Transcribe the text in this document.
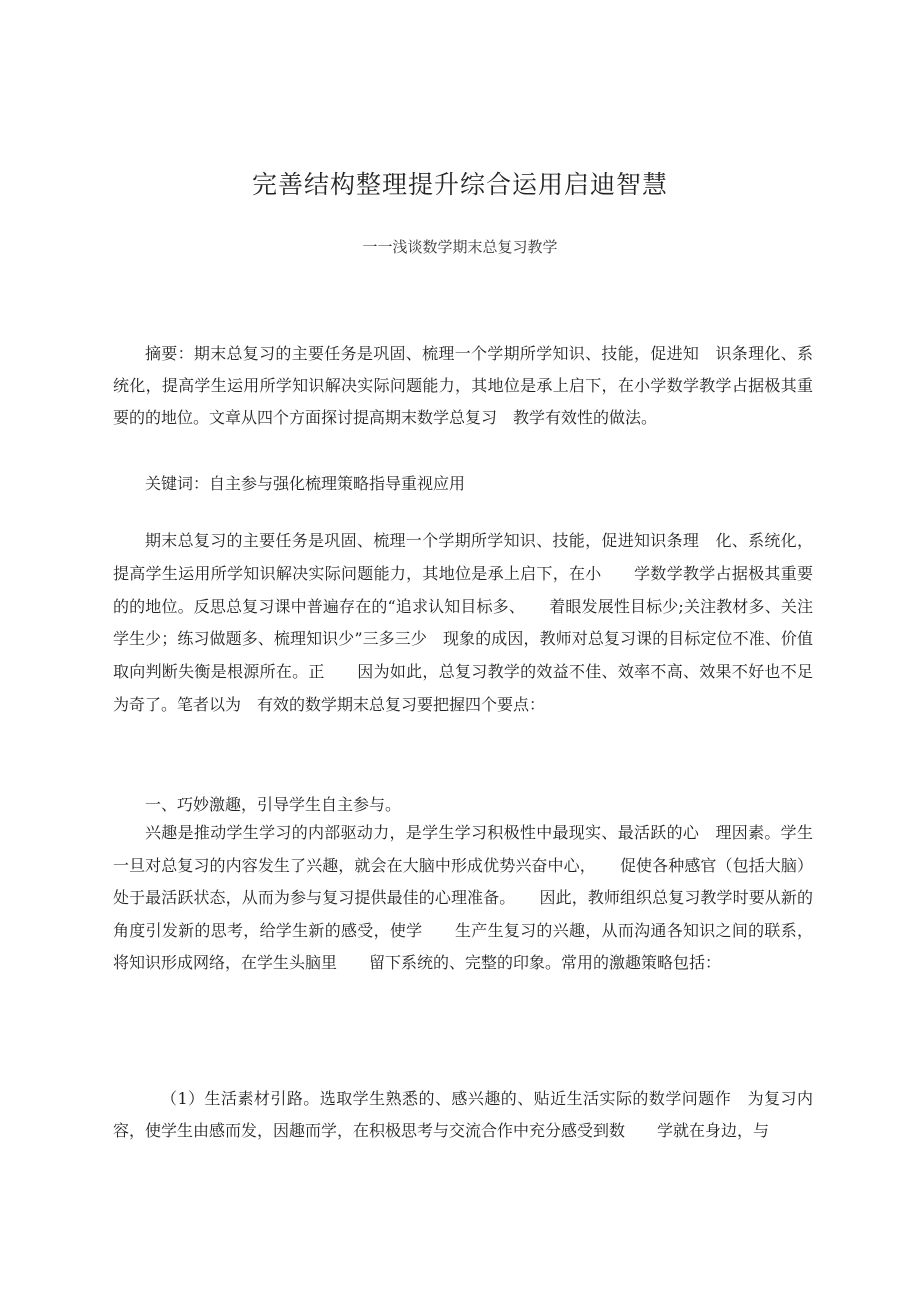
完善结构整理提升综合运用启迪智慧
一一浅谈数学期末总复习教学

摘要：期末总复习的主要任务是巩固、梳理一个学期所学知识、技能，促进知　识条理化、系统化，提高学生运用所学知识解决实际问题能力，其地位是承上启下，在小学数学教学占据极其重要的的地位。文章从四个方面探讨提高期末数学总复习　教学有效性的做法。

关键词：自主参与强化梳理策略指导重视应用

期末总复习的主要任务是巩固、梳理一个学期所学知识、技能，促进知识条理　化、系统化，提高学生运用所学知识解决实际问题能力，其地位是承上启下，在小　　学数学教学占据极其重要的的地位。反思总复习课中普遍存在的“追求认知目标多、　　着眼发展性目标少;关注教材多、关注学生少；练习做题多、梳理知识少”三多三少　现象的成因，教师对总复习课的目标定位不准、价值取向判断失衡是根源所在。正　　因为如此，总复习教学的效益不佳、效率不高、效果不好也不足为奇了。笔者以为　有效的数学期末总复习要把握四个要点：

一、巧妙激趣，引导学生自主参与。

兴趣是推动学生学习的内部驱动力，是学生学习积极性中最现实、最活跃的心　理因素。学生一旦对总复习的内容发生了兴趣，就会在大脑中形成优势兴奋中心，　　促使各种感官（包括大脑）处于最活跃状态，从而为参与复习提供最佳的心理准备。　　因此，教师组织总复习教学时要从新的角度引发新的思考，给学生新的感受，使学　　生产生复习的兴趣，从而沟通各知识之间的联系，将知识形成网络，在学生头脑里　　留下系统的、完整的印象。常用的激趣策略包括：

（1）生活素材引路。选取学生熟悉的、感兴趣的、贴近生活实际的数学问题作　为复习内容，使学生由感而发，因趣而学，在积极思考与交流合作中充分感受到数　　学就在身边，与
